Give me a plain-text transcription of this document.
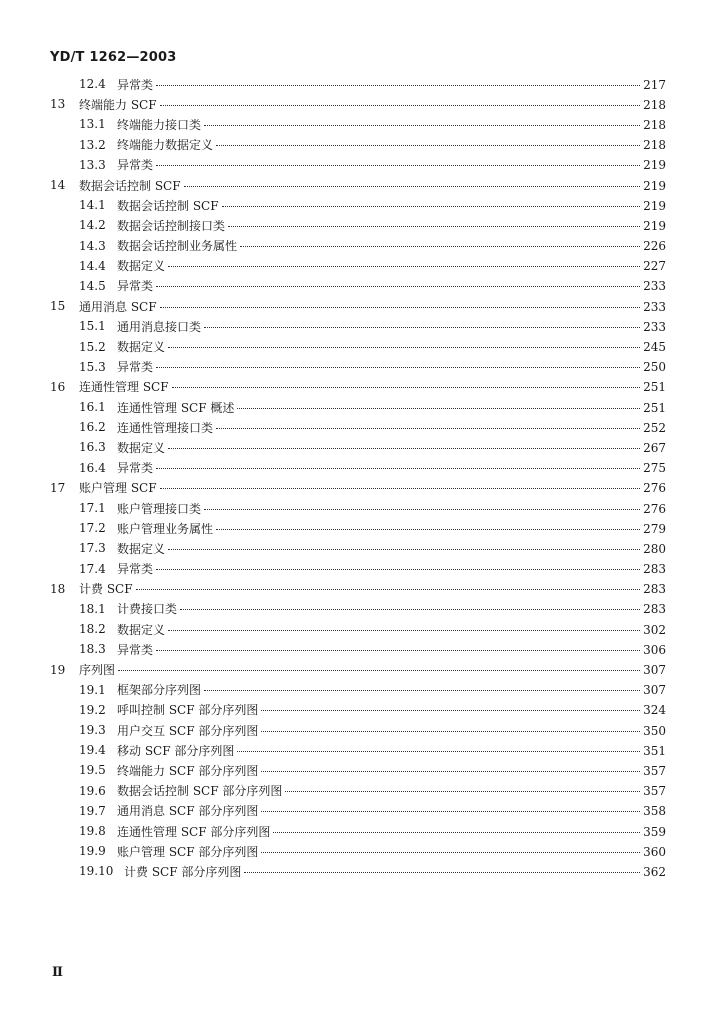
YD/T 1262—2003
12.4 异常类	217
13 终端能力 SCF	218
13.1 终端能力接口类	218
13.2 终端能力数据定义	218
13.3 异常类	219
14 数据会话控制 SCF	219
14.1 数据会话控制 SCF	219
14.2 数据会话控制接口类	219
14.3 数据会话控制业务属性	226
14.4 数据定义	227
14.5 异常类	233
15 通用消息 SCF	233
15.1 通用消息接口类	233
15.2 数据定义	245
15.3 异常类	250
16 连通性管理 SCF	251
16.1 连通性管理 SCF 概述	251
16.2 连通性管理接口类	252
16.3 数据定义	267
16.4 异常类	275
17 账户管理 SCF	276
17.1 账户管理接口类	276
17.2 账户管理业务属性	279
17.3 数据定义	280
17.4 异常类	283
18 计费 SCF	283
18.1 计费接口类	283
18.2 数据定义	302
18.3 异常类	306
19 序列图	307
19.1 框架部分序列图	307
19.2 呼叫控制 SCF 部分序列图	324
19.3 用户交互 SCF 部分序列图	350
19.4 移动 SCF 部分序列图	351
19.5 终端能力 SCF 部分序列图	357
19.6 数据会话控制 SCF 部分序列图	357
19.7 通用消息 SCF 部分序列图	358
19.8 连通性管理 SCF 部分序列图	359
19.9 账户管理 SCF 部分序列图	360
19.10 计费 SCF 部分序列图	362
Ⅱ
